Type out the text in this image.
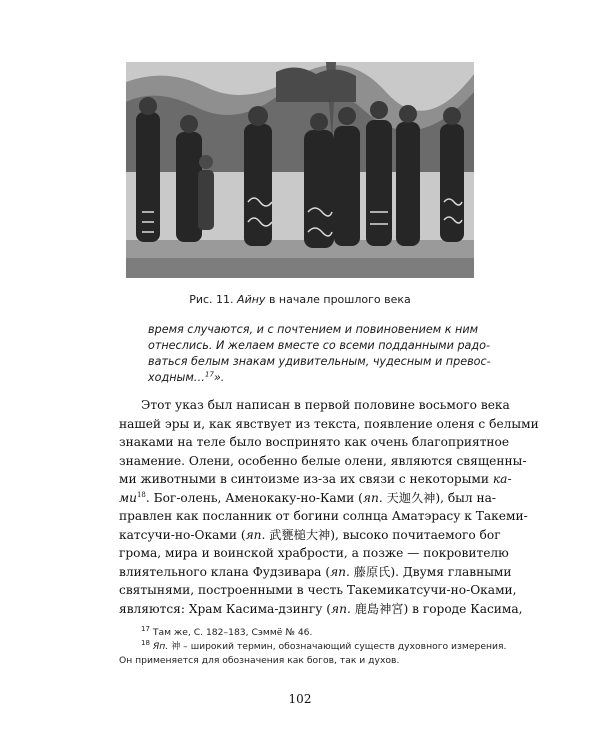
Рис. 11. Айну в начале прошлого века
время случаются, и с почтением и повиновением к ним
отнеслись. И желаем вместе со всеми подданными радо-
ваться белым знакам удивительным, чудесным и превос-
ходным…$^{17}$».
Этот указ был написан в первой половине восьмого века
нашей эры и, как явствует из текста, появление оленя с белыми
знаками на теле было воспринято как очень благоприятное
знамение. Олени, особенно белые олени, являются священны-
ми животными в синтоизме из-за их связи с некоторыми ка-
$ми^{18}$. Бог-олень, Аменокаку-но-Ками (яп. 天迦久神), был на-
правлен как посланник от богини солнца Аматэрасу к Такеми-
катсучи-но-Оками (яп. 武甕槌大神), высоко почитаемого бог
грома, мира и воинской храбрости, а позже — покровителю
влиятельного клана Фудзивара (яп. 藤原氏). Двумя главными
святынями, построенными в честь Такемикатсучи-но-Оками,
являются: Храм Касима-дзингу (яп. 鹿島神宮) в городе Касима,
$^{17}$ Там же, С. 182–183, Сэммё № 46.
$^{18}$ Яп. 神 – широкий термин, обозначающий существ духовного измерения.
Он применяется для обозначения как богов, так и духов.
102
